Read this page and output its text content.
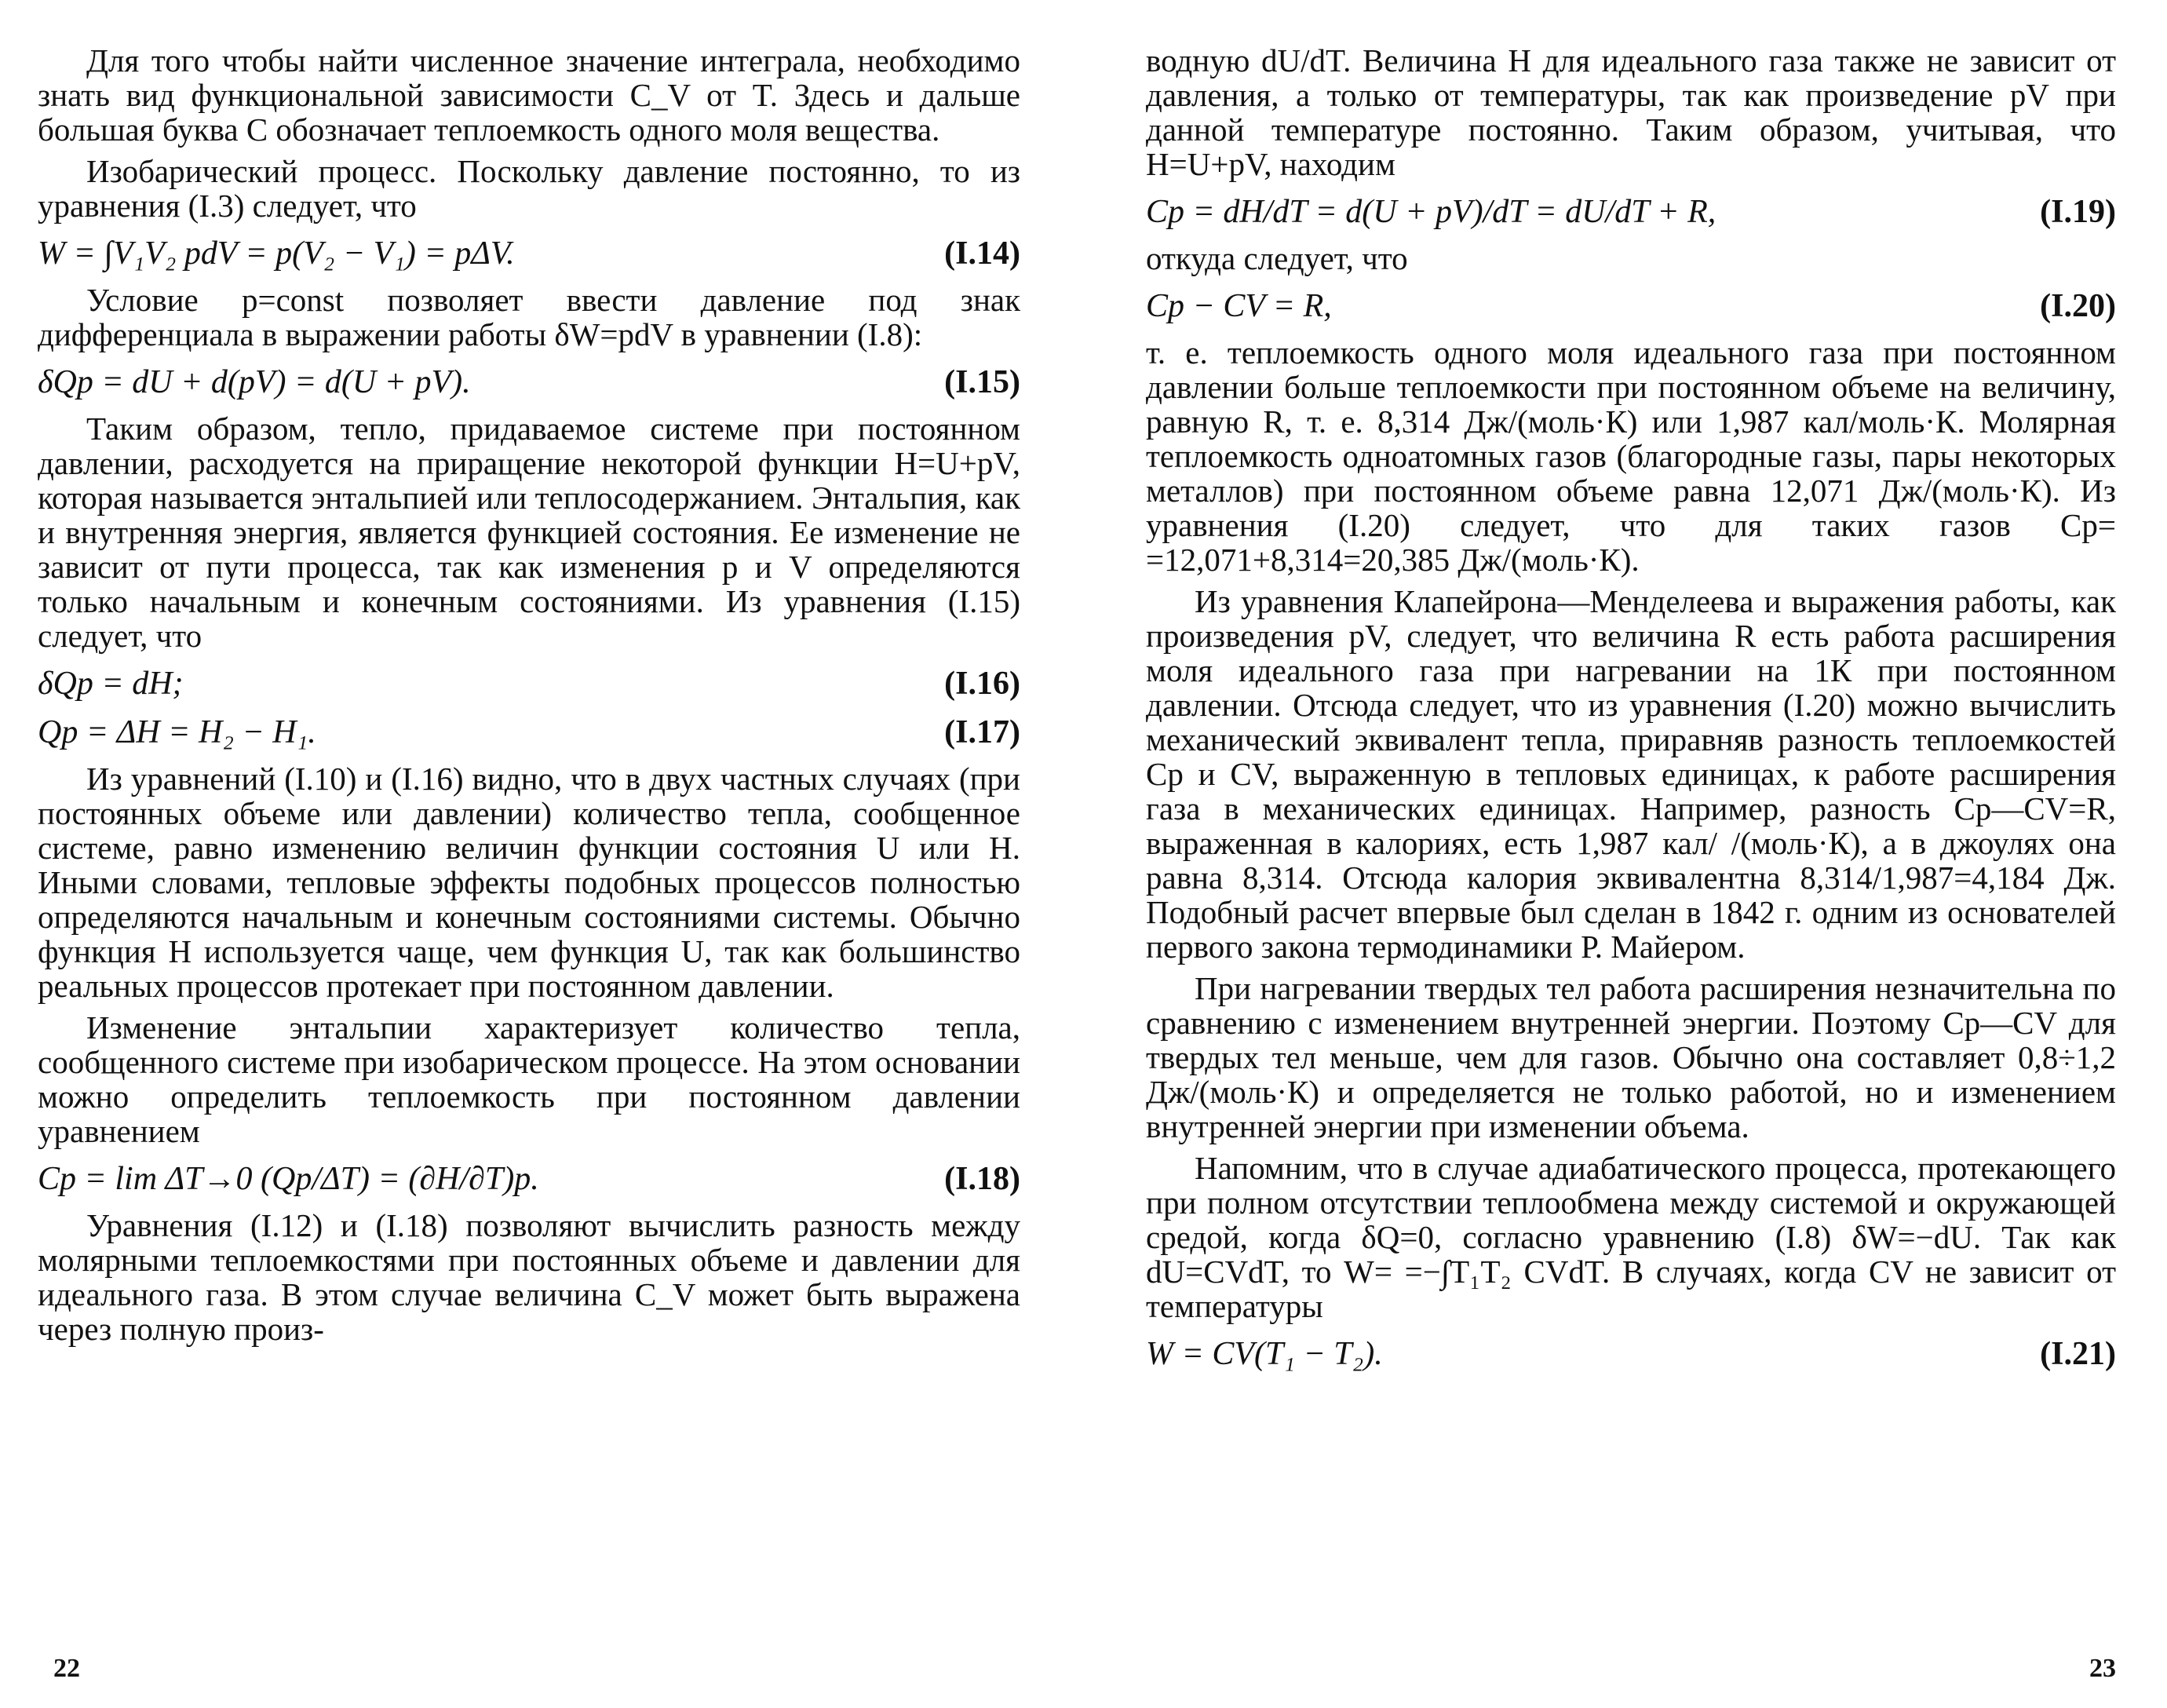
Для того чтобы найти численное значение интеграла, необходимо знать вид функциональной зависимости C_V от T. Здесь и дальше большая буква C обозначает теплоемкость одного моля вещества.

Изобарический процесс. Поскольку давление постоянно, то из уравнения (I.3) следует, что

W = ∫V₁V₂ pdV = p(V₂ − V₁) = pΔV.	(I.14)

Условие p=const позволяет ввести давление под знак дифференциала в выражении работы δW=pdV в уравнении (I.8):

δQp = dU + d(pV) = d(U + pV).	(I.15)

Таким образом, тепло, придаваемое системе при постоянном давлении, расходуется на приращение некоторой функции H=U+pV, которая называется энтальпией или теплосодержанием. Энтальпия, как и внутренняя энергия, является функцией состояния. Ее изменение не зависит от пути процесса, так как изменения p и V определяются только начальным и конечным состояниями. Из уравнения (I.15) следует, что

δQp = dH;	(I.16)
Qp = ΔH = H₂ − H₁.	(I.17)

Из уравнений (I.10) и (I.16) видно, что в двух частных случаях (при постоянных объеме или давлении) количество тепла, сообщенное системе, равно изменению величин функции состояния U или H. Иными словами, тепловые эффекты подобных процессов полностью определяются начальным и конечным состояниями системы. Обычно функция H используется чаще, чем функция U, так как большинство реальных процессов протекает при постоянном давлении.

Изменение энтальпии характеризует количество тепла, сообщенного системе при изобарическом процессе. На этом основании можно определить теплоемкость при постоянном давлении уравнением

Cp = lim ΔT→0 (Qp/ΔT) = (∂H/∂T)p.	(I.18)

Уравнения (I.12) и (I.18) позволяют вычислить разность между молярными теплоемкостями при постоянных объеме и давлении для идеального газа. В этом случае величина C_V может быть выражена через полную произ-

22

водную dU/dT. Величина H для идеального газа также не зависит от давления, а только от температуры, так как произведение pV при данной температуре постоянно. Таким образом, учитывая, что H=U+pV, находим

Cp = dH/dT = d(U + pV)/dT = dU/dT + R,	(I.19)

откуда следует, что

Cp − CV = R,	(I.20)

т. е. теплоемкость одного моля идеального газа при постоянном давлении больше теплоемкости при постоянном объеме на величину, равную R, т. е. 8,314 Дж/(моль·К) или 1,987 кал/моль·К. Молярная теплоемкость одноатомных газов (благородные газы, пары некоторых металлов) при постоянном объеме равна 12,071 Дж/(моль·К). Из уравнения (I.20) следует, что для таких газов Cp= =12,071+8,314=20,385 Дж/(моль·К).

Из уравнения Клапейрона—Менделеева и выражения работы, как произведения pV, следует, что величина R есть работа расширения моля идеального газа при нагревании на 1К при постоянном давлении. Отсюда следует, что из уравнения (I.20) можно вычислить механический эквивалент тепла, приравняв разность теплоемкостей Cp и CV, выраженную в тепловых единицах, к работе расширения газа в механических единицах. Например, разность Cp—CV=R, выраженная в калориях, есть 1,987 кал/ /(моль·К), а в джоулях она равна 8,314. Отсюда калория эквивалентна 8,314/1,987=4,184 Дж. Подобный расчет впервые был сделан в 1842 г. одним из основателей первого закона термодинамики Р. Майером.

При нагревании твердых тел работа расширения незначительна по сравнению с изменением внутренней энергии. Поэтому Cp—CV для твердых тел меньше, чем для газов. Обычно она составляет 0,8÷1,2 Дж/(моль·К) и определяется не только работой, но и изменением внутренней энергии при изменении объема.

Напомним, что в случае адиабатического процесса, протекающего при полном отсутствии теплообмена между системой и окружающей средой, когда δQ=0, согласно уравнению (I.8) δW=−dU. Так как dU=CVdT, то W= =−∫T₁T₂ CVdT. В случаях, когда CV не зависит от температуры

W = CV(T₁ − T₂).	(I.21)
23
